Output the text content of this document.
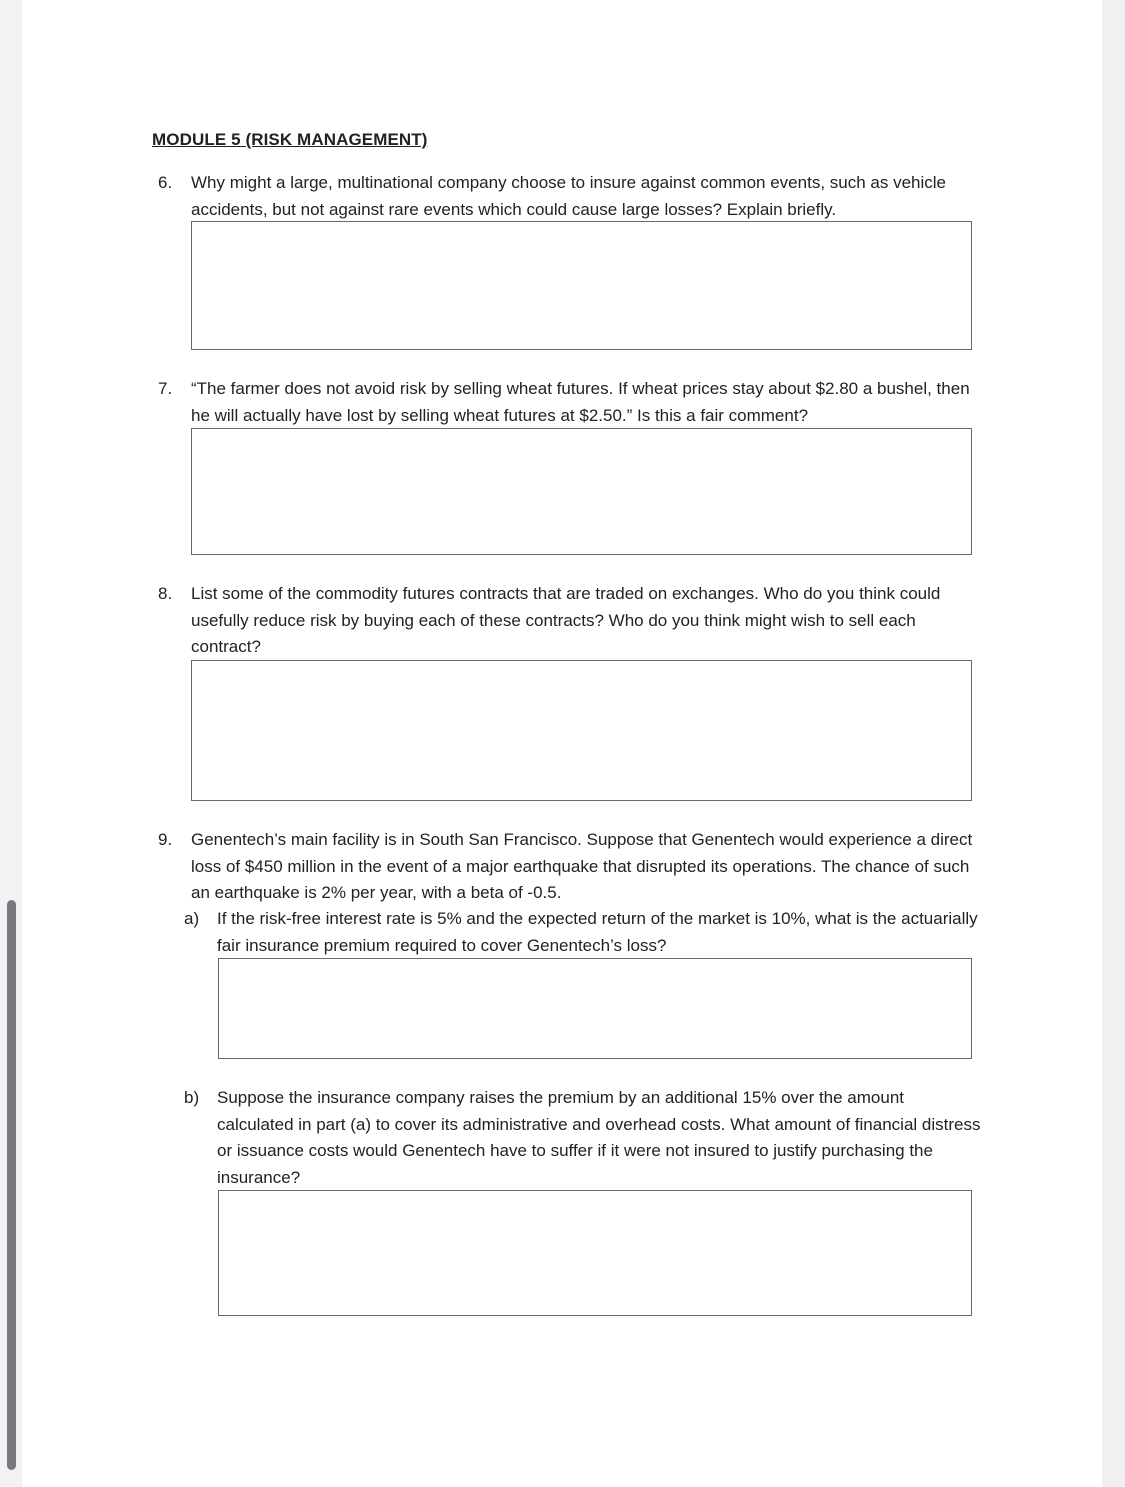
MODULE 5 (RISK MANAGEMENT)
6.	Why might a large, multinational company choose to insure against common events, such as vehicle accidents, but not against rare events which could cause large losses? Explain briefly.
7.	“The farmer does not avoid risk by selling wheat futures. If wheat prices stay about $2.80 a bushel, then he will actually have lost by selling wheat futures at $2.50.” Is this a fair comment?
8.	List some of the commodity futures contracts that are traded on exchanges. Who do you think could usefully reduce risk by buying each of these contracts? Who do you think might wish to sell each contract?
9.	Genentech’s main facility is in South San Francisco. Suppose that Genentech would experience a direct loss of $450 million in the event of a major earthquake that disrupted its operations. The chance of such an earthquake is 2% per year, with a beta of -0.5.
a)	If the risk-free interest rate is 5% and the expected return of the market is 10%, what is the actuarially fair insurance premium required to cover Genentech’s loss?
b)	Suppose the insurance company raises the premium by an additional 15% over the amount calculated in part (a) to cover its administrative and overhead costs. What amount of financial distress or issuance costs would Genentech have to suffer if it were not insured to justify purchasing the insurance?
